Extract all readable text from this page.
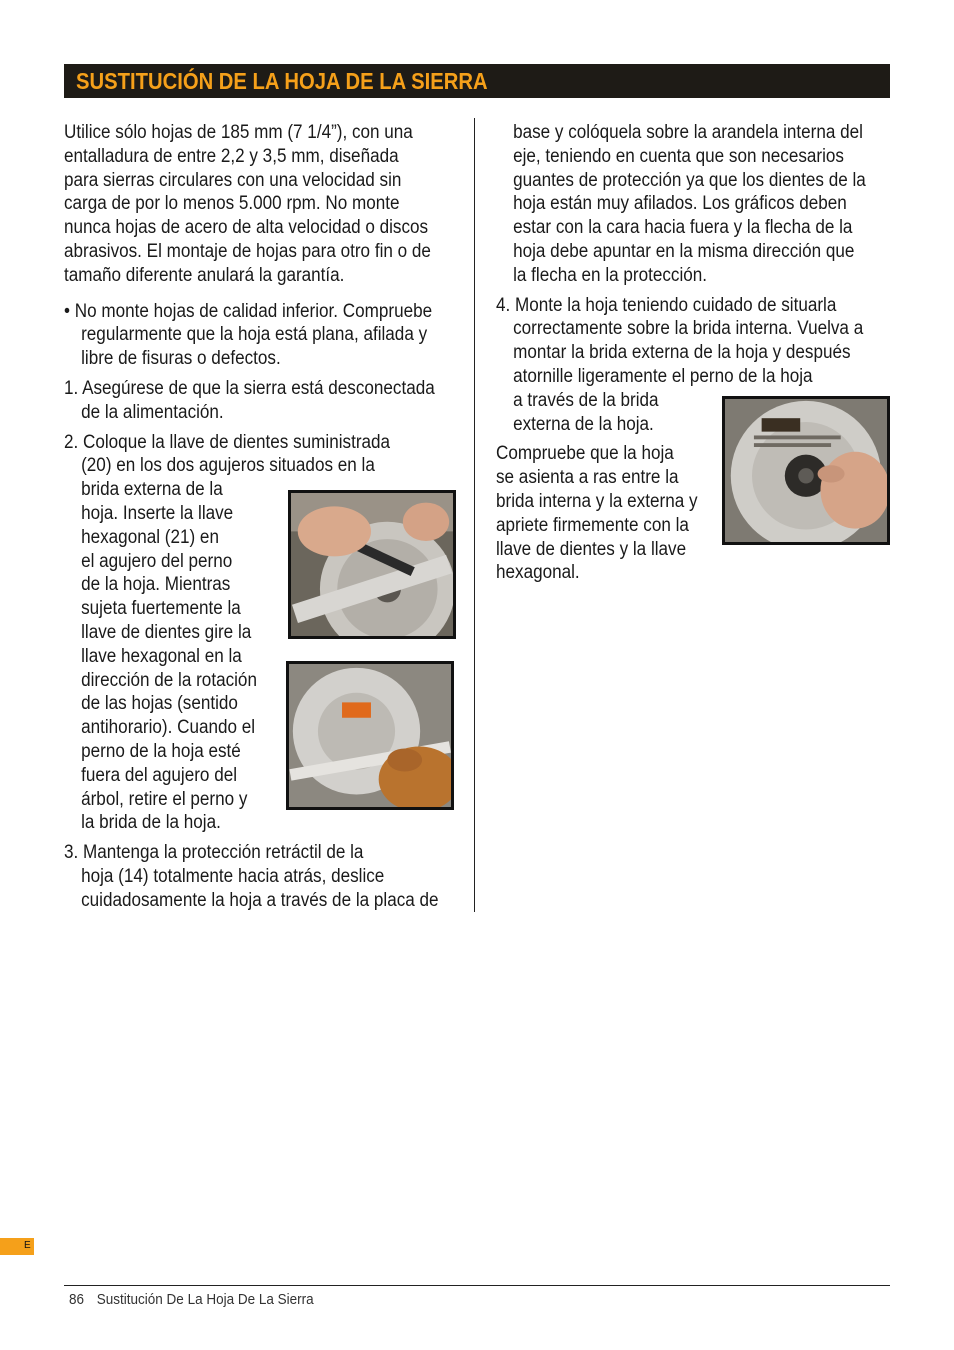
SUSTITUCIÓN DE LA HOJA DE LA SIERRA

Utilice sólo hojas de 185 mm (7 1/4”), con una
entalladura de entre 2,2 y 3,5 mm, diseñada
para sierras circulares con una velocidad sin
carga de por lo menos 5.000 rpm. No monte
nunca hojas de acero de alta velocidad o discos
abrasivos. El montaje de hojas para otro fin o de
tamaño diferente anulará la garantía.

• No monte hojas de calidad inferior. Compruebe
regularmente que la hoja está plana, afilada y
libre de fisuras o defectos.

1. Asegúrese de que la sierra está desconectada
de la alimentación.

2. Coloque la llave de dientes suministrada
(20) en los dos agujeros situados en la
brida externa de la
hoja. Inserte la llave
hexagonal (21) en
el agujero del perno
de la hoja. Mientras
sujeta fuertemente la
llave de dientes gire la
llave hexagonal en la
dirección de la rotación
de las hojas (sentido
antihorario). Cuando el
perno de la hoja esté
fuera del agujero del
árbol, retire el perno y
la brida de la hoja.

3. Mantenga la protección retráctil de la
hoja (14) totalmente hacia atrás, deslice
cuidadosamente la hoja a través de la placa de

base y colóquela sobre la arandela interna del
eje, teniendo en cuenta que son necesarios
guantes de protección ya que los dientes de la
hoja están muy afilados. Los gráficos deben
estar con la cara hacia fuera y la flecha de la
hoja debe apuntar en la misma dirección que
la flecha en la protección.

4. Monte la hoja teniendo cuidado de situarla
correctamente sobre la brida interna. Vuelva a
montar la brida externa de la hoja y después
atornille ligeramente el perno de la hoja
a través de la brida
externa de la hoja.

Compruebe que la hoja
se asienta a ras entre la
brida interna y la externa y
apriete firmemente con la
llave de dientes y la llave
hexagonal.

E
86 Sustitución De La Hoja De La Sierra
